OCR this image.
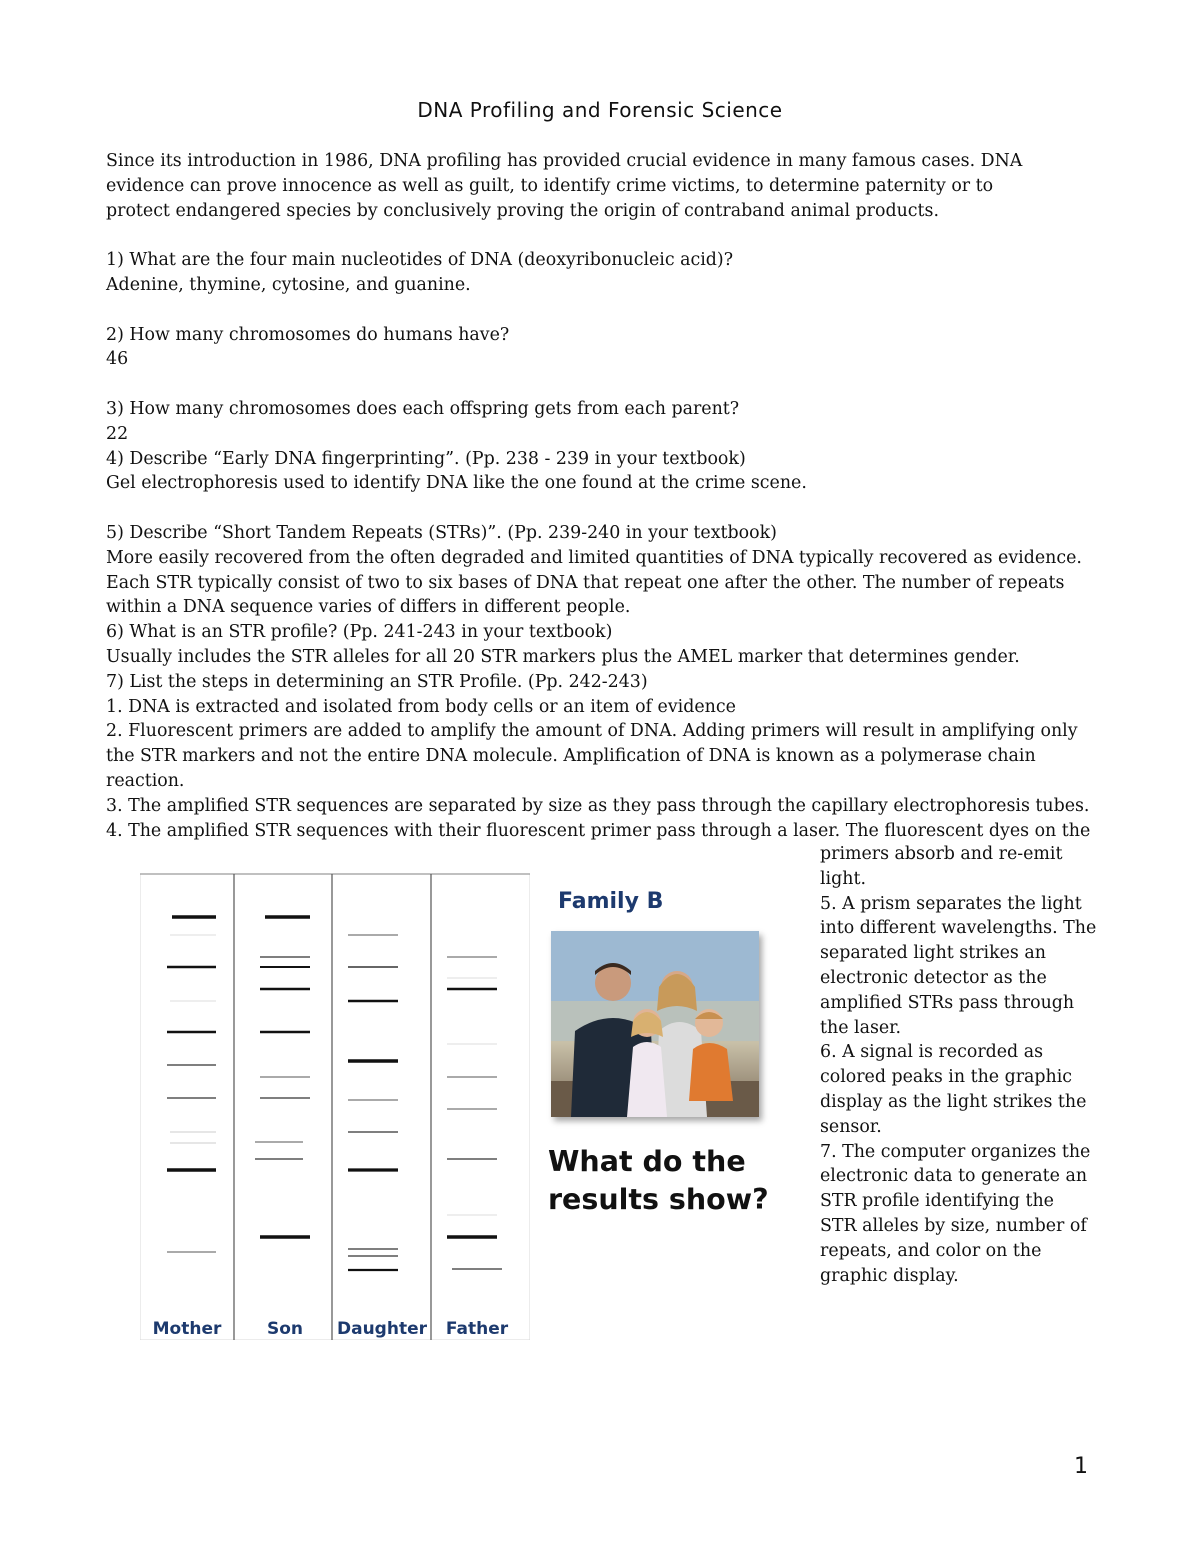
DNA Profiling and Forensic Science
Since its introduction in 1986, DNA profiling has provided crucial evidence in many famous cases. DNA
evidence can prove innocence as well as guilt, to identify crime victims, to determine paternity or to
protect endangered species by conclusively proving the origin of contraband animal products.
1) What are the four main nucleotides of DNA (deoxyribonucleic acid)?
Adenine, thymine, cytosine, and guanine.
2) How many chromosomes do humans have?
46
3) How many chromosomes does each offspring gets from each parent?
22
4) Describe “Early DNA fingerprinting”. (Pp. 238 - 239 in your textbook)
Gel electrophoresis used to identify DNA like the one found at the crime scene.
5) Describe “Short Tandem Repeats (STRs)”. (Pp. 239-240 in your textbook)
More easily recovered from the often degraded and limited quantities of DNA typically recovered as evidence.
Each STR typically consist of two to six bases of DNA that repeat one after the other. The number of repeats
within a DNA sequence varies of differs in different people.
6) What is an STR profile? (Pp. 241-243 in your textbook)
Usually includes the STR alleles for all 20 STR markers plus the AMEL marker that determines gender.
7) List the steps in determining an STR Profile. (Pp. 242-243)
1. DNA is extracted and isolated from body cells or an item of evidence
2. Fluorescent primers are added to amplify the amount of DNA. Adding primers will result in amplifying only
the STR markers and not the entire DNA molecule. Amplification of DNA is known as a polymerase chain
reaction.
3. The amplified STR sequences are separated by size as they pass through the capillary electrophoresis tubes.
4. The amplified STR sequences with their fluorescent primer pass through a laser. The fluorescent dyes on the
primers absorb and re-emit
light.
5. A prism separates the light
into different wavelengths. The
separated light strikes an
electronic detector as the
amplified STRs pass through
the laser.
6. A signal is recorded as
colored peaks in the graphic
display as the light strikes the
sensor.
7. The computer organizes the
electronic data to generate an
STR profile identifying the
STR alleles by size, number of
repeats, and color on the
graphic display.
Mother	Son Daughter Father
Family B
What do the
results show?
1
